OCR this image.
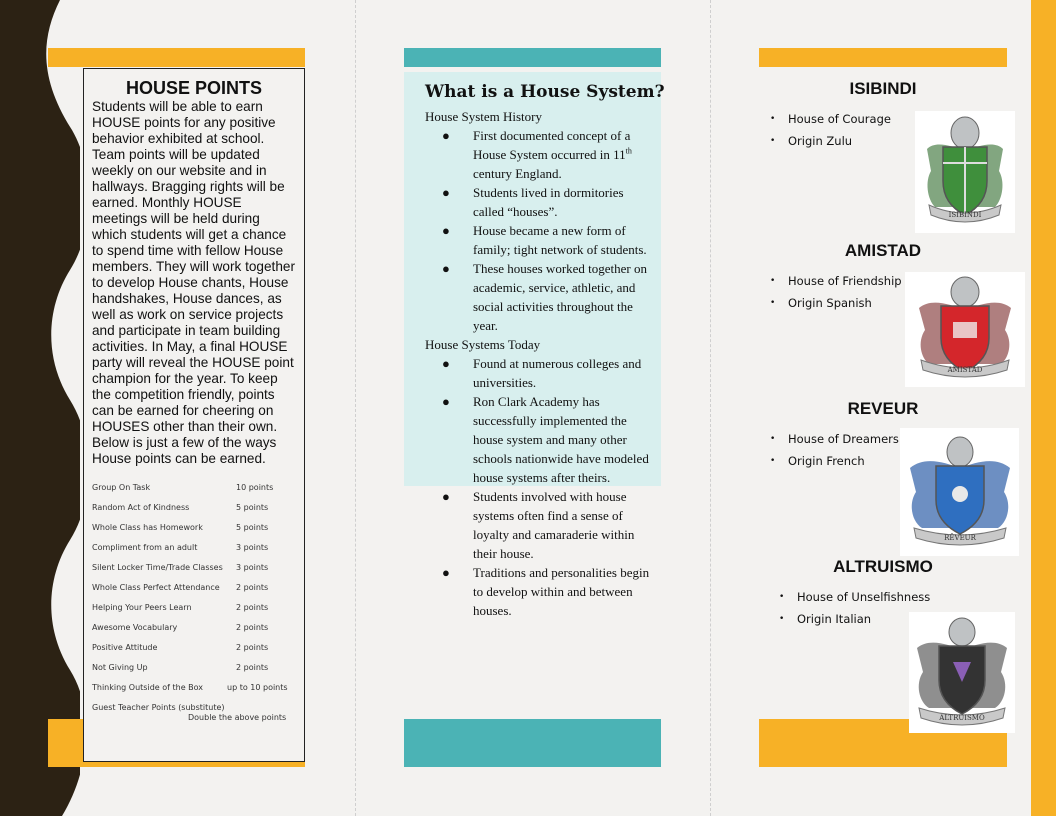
HOUSE POINTS
Students will be able to earn HOUSE points for any positive behavior exhibited at school. Team points will be updated weekly on our website and in hallways. Bragging rights will be earned. Monthly HOUSE meetings will be held during which students will get a chance to spend time with fellow House members. They will work together to develop House chants, House handshakes, House dances, as well as work on service projects and participate in team building activities. In May, a final HOUSE party will reveal the HOUSE point champion for the year. To keep the competition friendly, points can be earned for cheering on HOUSES other than their own. Below is just a few of the ways House points can be earned.
Group On Task	10 points
Random Act of Kindness	5 points
Whole Class has Homework	5 points
Compliment from an adult	3 points
Silent Locker Time/Trade Classes 3 points
Whole Class Perfect Attendance 2 points
Helping Your Peers Learn	2 points
Awesome Vocabulary	2 points
Positive Attitude	2 points
Not Giving Up	2 points
Thinking Outside of the Box	up to 10 points
Guest Teacher Points (substitute)
Double the above points
What is a House System?
House System History
● First documented concept of a House System occurred in 11th century England.
● Students lived in dormitories called “houses”.
● House became a new form of family; tight network of students.
● These houses worked together on academic, service, athletic, and social activities throughout the year.
House Systems Today
● Found at numerous colleges and universities.
● Ron Clark Academy has successfully implemented the house system and many other schools nationwide have modeled house systems after theirs.
● Students involved with house systems often find a sense of loyalty and camaraderie within their house.
● Traditions and personalities begin to develop within and between houses.
ISIBINDI
• House of Courage
• Origin Zulu
ISIBINDI
AMISTAD
• House of Friendship
• Origin Spanish
AMISTAD
REVEUR
• House of Dreamers
• Origin French
RÊVEUR
ALTRUISMO
• House of Unselfishness
• Origin Italian
ALTRUISMO
